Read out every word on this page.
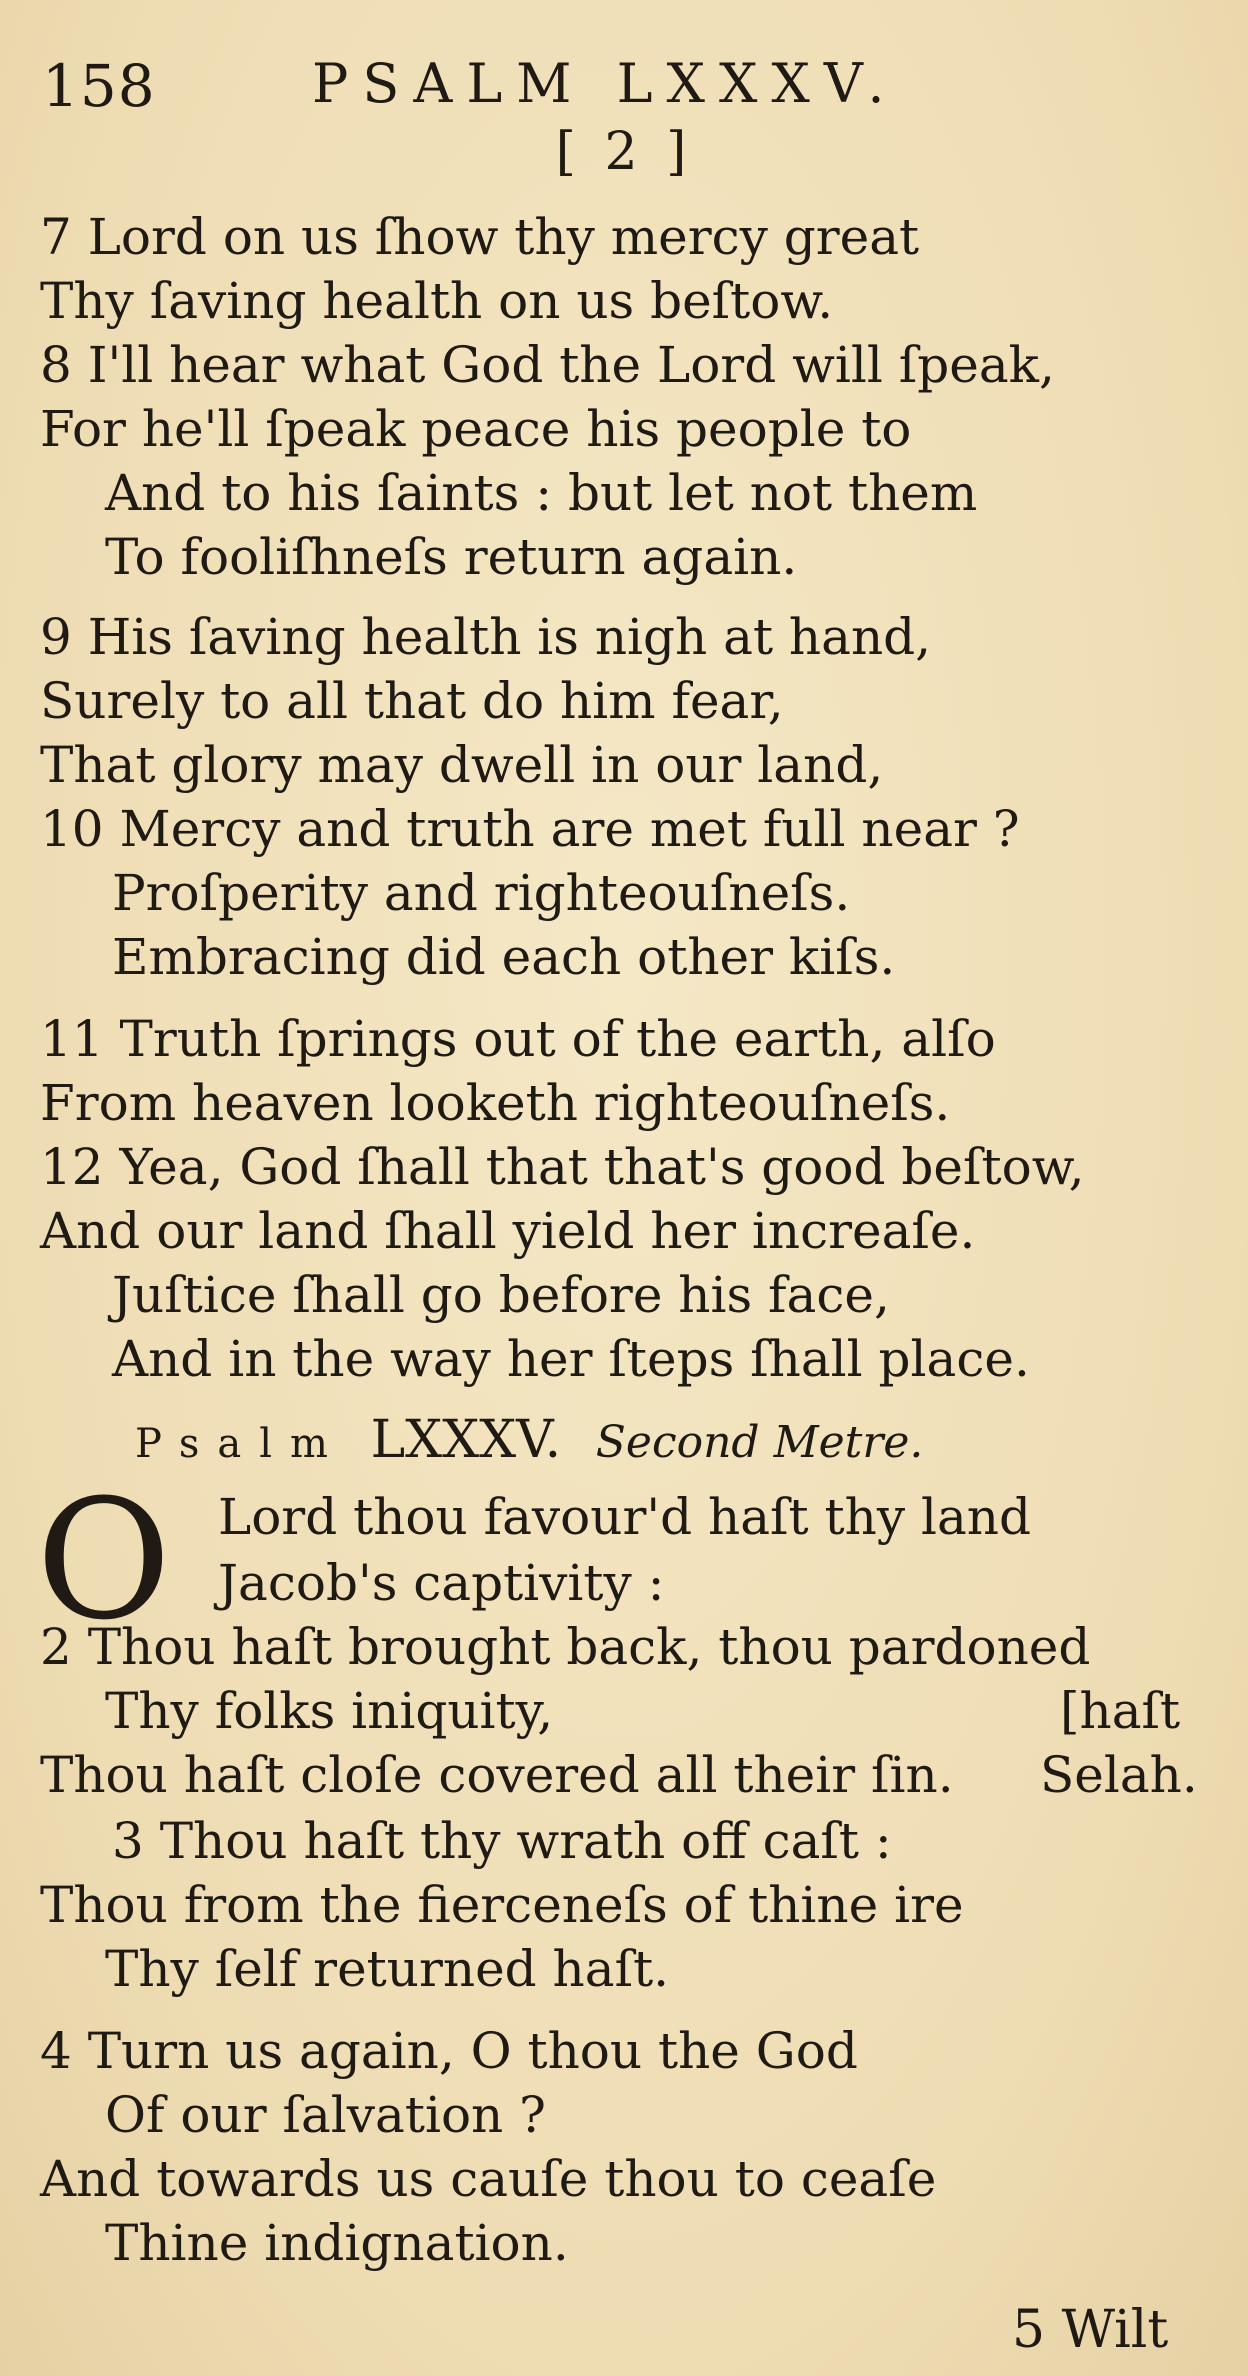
158	PSALM LXXXV.
[ 2 ]
7 Lord on us ſhow thy mercy great
Thy ſaving health on us beſtow.
8 I'll hear what God the Lord will ſpeak,
For he'll ſpeak peace his people to
And to his ſaints : but let not them
To fooliſhneſs return again.
9 His ſaving health is nigh at hand,
Surely to all that do him fear,
That glory may dwell in our land,
10 Mercy and truth are met full near ?
Proſperity and righteouſneſs.
Embracing did each other kiſs.
11 Truth ſprings out of the earth, alſo
From heaven looketh righteouſneſs.
12 Yea, God ſhall that that's good beſtow,
And our land ſhall yield her increaſe.
Juſtice ſhall go before his face,
And in the way her ſteps ſhall place.
Psalm LXXXV. Second Metre.
O Lord thou favour'd haſt thy land
Jacob's captivity :
2 Thou haſt brought back, thou pardoned
Thy folks iniquity,	[haſt
Thou haſt cloſe covered all their ſin. Selah.
3 Thou haſt thy wrath off caſt :
Thou from the fierceneſs of thine ire
Thy ſelf returned haſt.
4 Turn us again, O thou the God
Of our ſalvation ?
And towards us cauſe thou to ceaſe
Thine indignation.
5 Wilt
